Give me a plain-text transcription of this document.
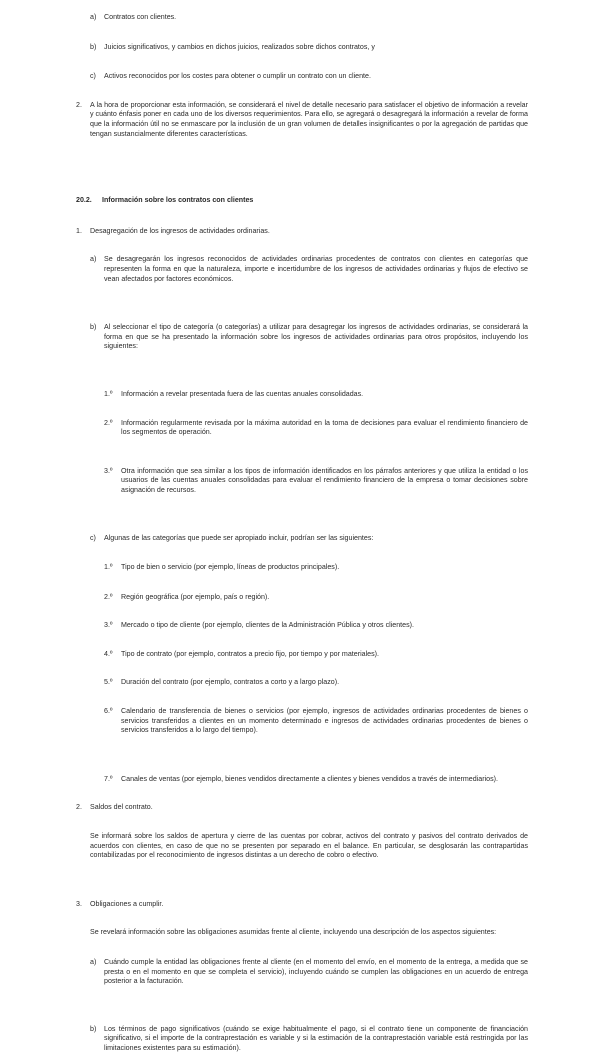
a) Contratos con clientes.
b) Juicios significativos, y cambios en dichos juicios, realizados sobre dichos contratos, y
c) Activos reconocidos por los costes para obtener o cumplir un contrato con un cliente.
2. A la hora de proporcionar esta información, se considerará el nivel de detalle necesario para satisfacer el objetivo de información a revelar y cuánto énfasis poner en cada uno de los diversos requerimientos. Para ello, se agregará o desagregará la información a revelar de forma que la información útil no se enmascare por la inclusión de un gran volumen de detalles insignificantes o por la agregación de partidas que tengan sustancialmente diferentes características.
20.2. Información sobre los contratos con clientes
1. Desagregación de los ingresos de actividades ordinarias.
a) Se desagregarán los ingresos reconocidos de actividades ordinarias procedentes de contratos con clientes en categorías que representen la forma en que la naturaleza, importe e incertidumbre de los ingresos de actividades ordinarias y flujos de efectivo se vean afectados por factores económicos.
b) Al seleccionar el tipo de categoría (o categorías) a utilizar para desagregar los ingresos de actividades ordinarias, se considerará la forma en que se ha presentado la información sobre los ingresos de actividades ordinarias para otros propósitos, incluyendo los siguientes:
1.º Información a revelar presentada fuera de las cuentas anuales consolidadas.
2.º Información regularmente revisada por la máxima autoridad en la toma de decisiones para evaluar el rendimiento financiero de los segmentos de operación.
3.º Otra información que sea similar a los tipos de información identificados en los párrafos anteriores y que utiliza la entidad o los usuarios de las cuentas anuales consolidadas para evaluar el rendimiento financiero de la empresa o tomar decisiones sobre asignación de recursos.
c) Algunas de las categorías que puede ser apropiado incluir, podrían ser las siguientes:
1.º Tipo de bien o servicio (por ejemplo, líneas de productos principales).
2.º Región geográfica (por ejemplo, país o región).
3.º Mercado o tipo de cliente (por ejemplo, clientes de la Administración Pública y otros clientes).
4.º Tipo de contrato (por ejemplo, contratos a precio fijo, por tiempo y por materiales).
5.º Duración del contrato (por ejemplo, contratos a corto y a largo plazo).
6.º Calendario de transferencia de bienes o servicios (por ejemplo, ingresos de actividades ordinarias procedentes de bienes o servicios transferidos a clientes en un momento determinado e ingresos de actividades ordinarias procedentes de bienes o servicios transferidos a lo largo del tiempo).
7.º Canales de ventas (por ejemplo, bienes vendidos directamente a clientes y bienes vendidos a través de intermediarios).
2. Saldos del contrato.
Se informará sobre los saldos de apertura y cierre de las cuentas por cobrar, activos del contrato y pasivos del contrato derivados de acuerdos con clientes, en caso de que no se presenten por separado en el balance. En particular, se desglosarán las contrapartidas contabilizadas por el reconocimiento de ingresos distintas a un derecho de cobro o efectivo.
3. Obligaciones a cumplir.
Se revelará información sobre las obligaciones asumidas frente al cliente, incluyendo una descripción de los aspectos siguientes:
a) Cuándo cumple la entidad las obligaciones frente al cliente (en el momento del envío, en el momento de la entrega, a medida que se presta o en el momento en que se completa el servicio), incluyendo cuándo se cumplen las obligaciones en un acuerdo de entrega posterior a la facturación.
b) Los términos de pago significativos (cuándo se exige habitualmente el pago, si el contrato tiene un componente de financiación significativo, si el importe de la contraprestación es variable y si la estimación de la contraprestación variable está restringida por las limitaciones existentes para su estimación).
